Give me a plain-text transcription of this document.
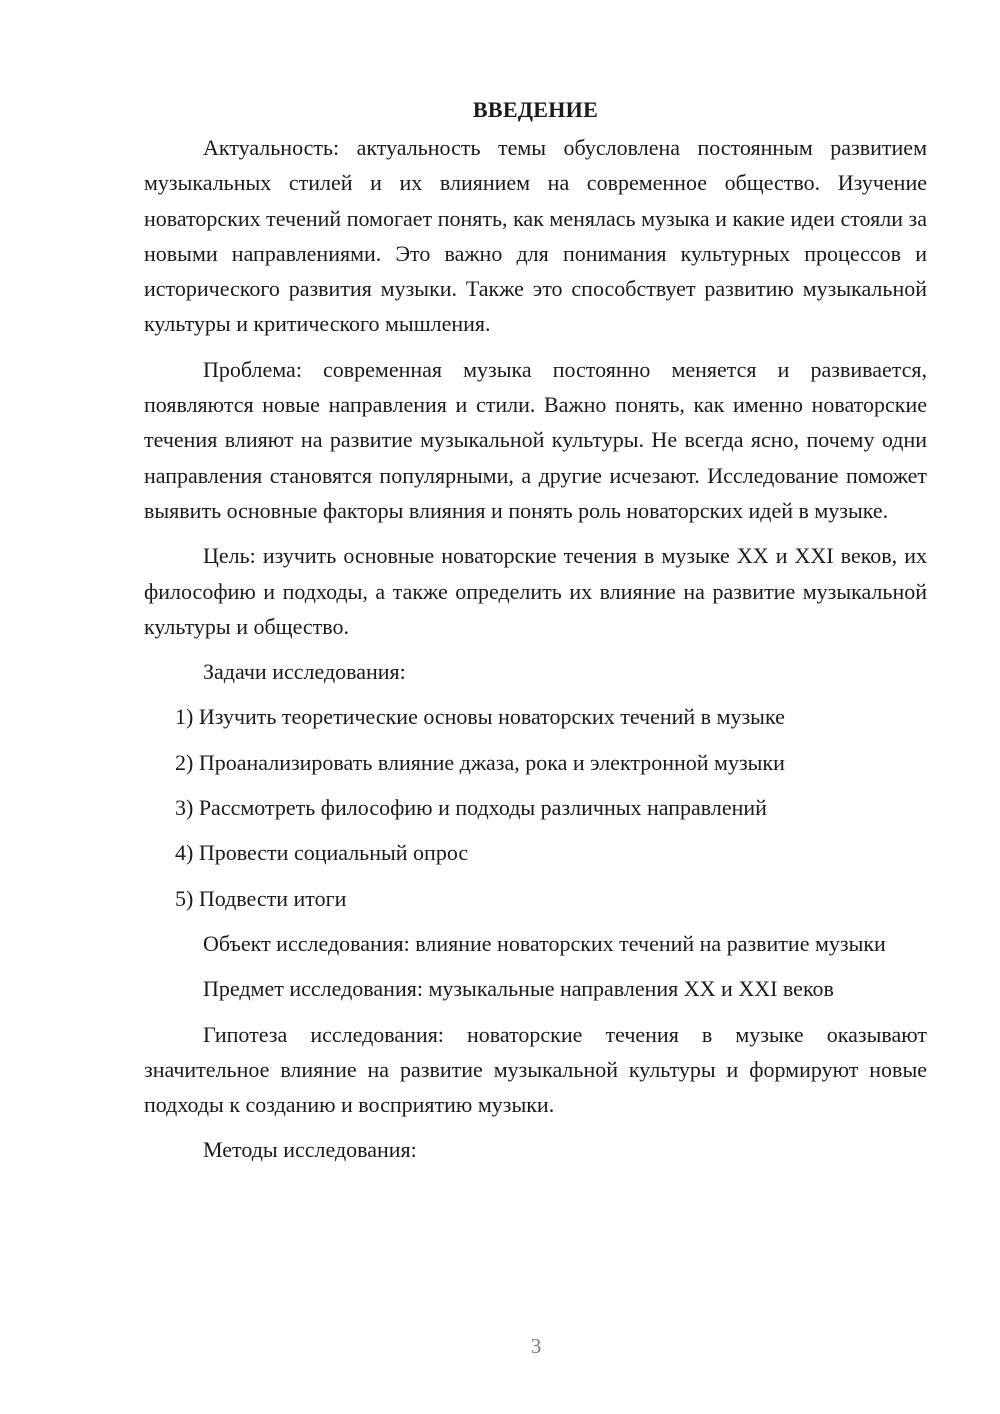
ВВЕДЕНИЕ

Актуальность: актуальность темы обусловлена постоянным развитием музыкальных стилей и их влиянием на современное общество. Изучение новаторских течений помогает понять, как менялась музыка и какие идеи стояли за новыми направлениями. Это важно для понимания культурных процессов и исторического развития музыки. Также это способствует развитию музыкальной культуры и критического мышления.

Проблема: современная музыка постоянно меняется и развивается, появляются новые направления и стили. Важно понять, как именно новаторские течения влияют на развитие музыкальной культуры. Не всегда ясно, почему одни направления становятся популярными, а другие исчезают. Исследование поможет выявить основные факторы влияния и понять роль новаторских идей в музыке.

Цель: изучить основные новаторские течения в музыке XX и XXI веков, их философию и подходы, а также определить их влияние на развитие музыкальной культуры и общество.

Задачи исследования:

1) Изучить теоретические основы новаторских течений в музыке

2) Проанализировать влияние джаза, рока и электронной музыки

3) Рассмотреть философию и подходы различных направлений

4) Провести социальный опрос

5) Подвести итоги

Объект исследования: влияние новаторских течений на развитие музыки

Предмет исследования: музыкальные направления XX и XXI веков

Гипотеза исследования: новаторские течения в музыке оказывают значительное влияние на развитие музыкальной культуры и формируют новые подходы к созданию и восприятию музыки.

Методы исследования:

3
